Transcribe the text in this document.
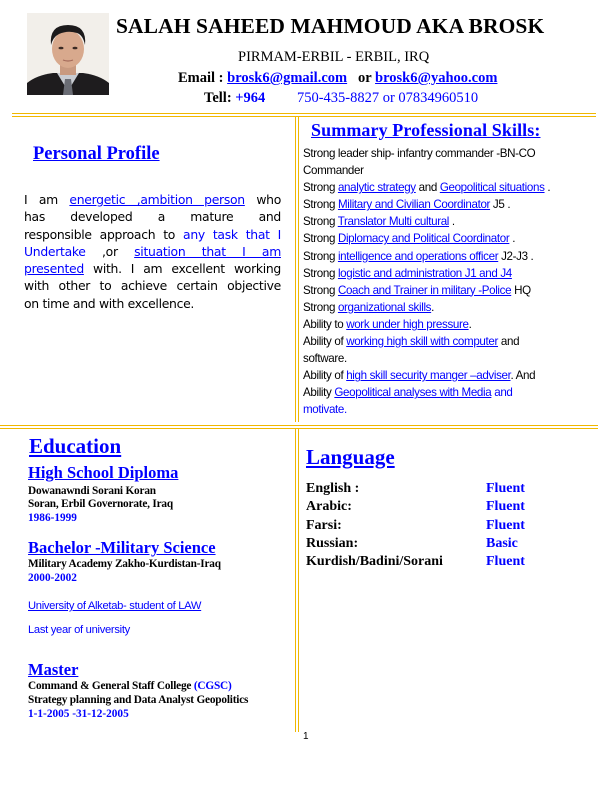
SALAH SAHEED MAHMOUD AKA BROSK
PIRMAM-ERBIL - ERBIL, IRQ
Email : brosk6@gmail.com or brosk6@yahoo.com
Tell: +964 750-435-8827 or 07834960510
Personal Profile
I am energetic ,ambition person who
has developed a mature and
responsible approach to any task that I
Undertake ,or situation that I am
presented with. I am excellent working
with other to achieve certain objective
on time and with excellence.
Summary Professional Skills:
Strong leader ship- infantry commander -BN-CO
Commander
Strong analytic strategy and Geopolitical situations .
Strong Military and Civilian Coordinator J5 .
Strong Translator Multi cultural .
Strong Diplomacy and Political Coordinator .
Strong intelligence and operations officer J2-J3 .
Strong logistic and administration J1 and J4
Strong Coach and Trainer in military -Police HQ
Strong organizational skills.
Ability to work under high pressure.
Ability of working high skill with computer and
software.
Ability of high skill security manger –adviser. And
Ability Geopolitical analyses with Media and
motivate.
Education
High School Diploma
Dowanawndi Sorani Koran
Soran, Erbil Governorate, Iraq
1986-1999
Bachelor -Military Science
Military Academy Zakho-Kurdistan-Iraq
2000-2002
University of Alketab- student of LAW
Last year of university
Master
Command & General Staff College (CGSC)
Strategy planning and Data Analyst Geopolitics
1-1-2005 -31-12-2005
Language
English :	Fluent
Arabic:	Fluent
Farsi:	Fluent
Russian:	Basic
Kurdish/Badini/Sorani	Fluent
1
